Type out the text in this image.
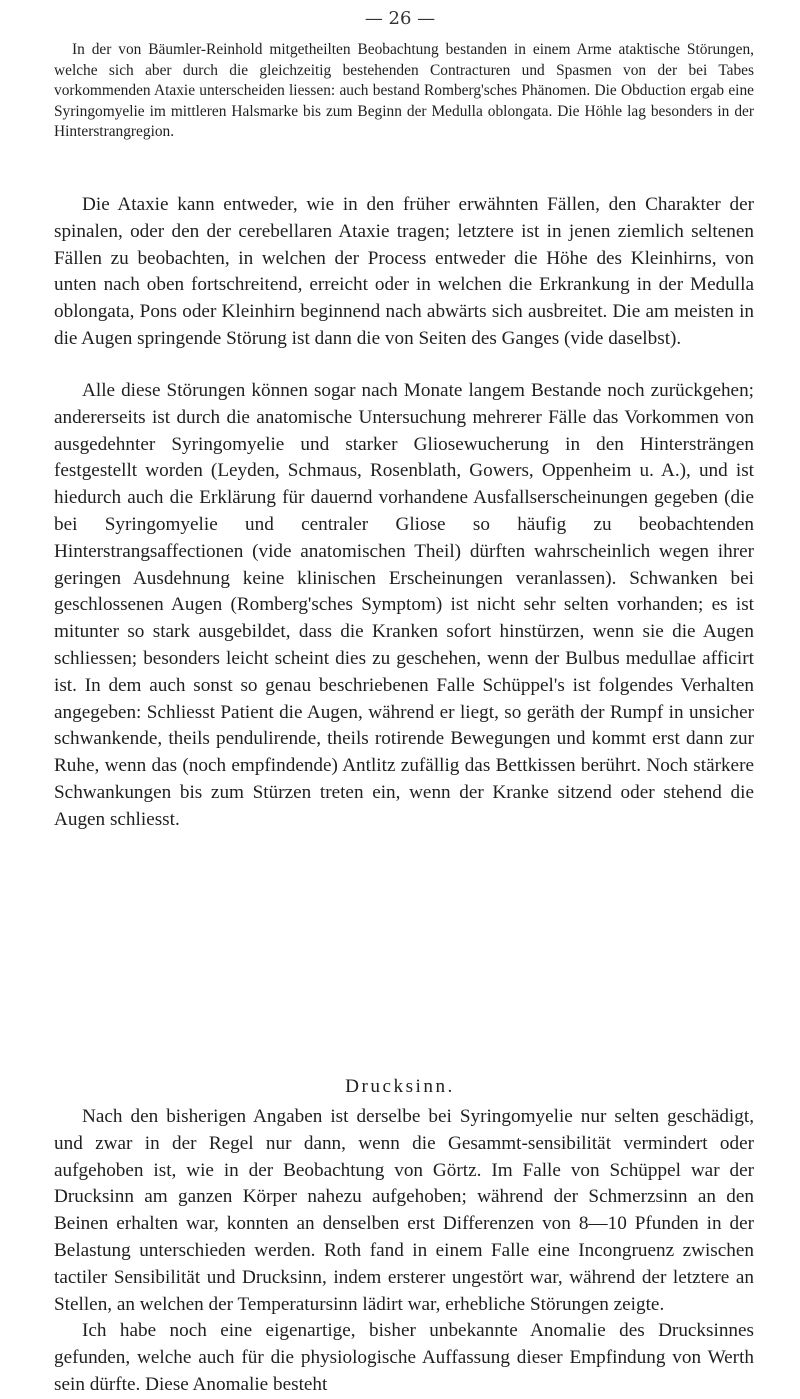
— 26 —
In der von Bäumler-Reinhold mitgetheilten Beobachtung bestanden in einem Arme ataktische Störungen, welche sich aber durch die gleichzeitig bestehenden Contracturen und Spasmen von der bei Tabes vorkommenden Ataxie unterscheiden liessen: auch bestand Romberg'sches Phänomen. Die Obduction ergab eine Syringomyelie im mittleren Halsmarke bis zum Beginn der Medulla oblongata. Die Höhle lag besonders in der Hinterstrangregion.

Die Ataxie kann entweder, wie in den früher erwähnten Fällen, den Charakter der spinalen, oder den der cerebellaren Ataxie tragen; letztere ist in jenen ziemlich seltenen Fällen zu beobachten, in welchen der Process entweder die Höhe des Kleinhirns, von unten nach oben fortschreitend, erreicht oder in welchen die Erkrankung in der Medulla oblongata, Pons oder Kleinhirn beginnend nach abwärts sich ausbreitet. Die am meisten in die Augen springende Störung ist dann die von Seiten des Ganges (vide daselbst).

Alle diese Störungen können sogar nach Monate langem Bestande noch zurückgehen; andererseits ist durch die anatomische Untersuchung mehrerer Fälle das Vorkommen von ausgedehnter Syringomyelie und starker Gliosewucherung in den Hintersträngen festgestellt worden (Leyden, Schmaus, Rosenblath, Gowers, Oppenheim u. A.), und ist hiedurch auch die Erklärung für dauernd vorhandene Ausfallserscheinungen gegeben (die bei Syringomyelie und centraler Gliose so häufig zu beobachtenden Hinterstrangsaffectionen (vide anatomischen Theil) dürften wahrscheinlich wegen ihrer geringen Ausdehnung keine klinischen Erscheinungen veranlassen). Schwanken bei geschlossenen Augen (Romberg'sches Symptom) ist nicht sehr selten vorhanden; es ist mitunter so stark ausgebildet, dass die Kranken sofort hinstürzen, wenn sie die Augen schliessen; besonders leicht scheint dies zu geschehen, wenn der Bulbus medullae afficirt ist. In dem auch sonst so genau beschriebenen Falle Schüppel's ist folgendes Verhalten angegeben: Schliesst Patient die Augen, während er liegt, so geräth der Rumpf in unsicher schwankende, theils pendulirende, theils rotirende Bewegungen und kommt erst dann zur Ruhe, wenn das (noch empfindende) Antlitz zufällig das Bettkissen berührt. Noch stärkere Schwankungen bis zum Stürzen treten ein, wenn der Kranke sitzend oder stehend die Augen schliesst.

Drucksinn.

Nach den bisherigen Angaben ist derselbe bei Syringomyelie nur selten geschädigt, und zwar in der Regel nur dann, wenn die Gesammt-sensibilität vermindert oder aufgehoben ist, wie in der Beobachtung von Görtz. Im Falle von Schüppel war der Drucksinn am ganzen Körper nahezu aufgehoben; während der Schmerzsinn an den Beinen erhalten war, konnten an denselben erst Differenzen von 8—10 Pfunden in der Belastung unterschieden werden. Roth fand in einem Falle eine Incongruenz zwischen tactiler Sensibilität und Drucksinn, indem ersterer ungestört war, während der letztere an Stellen, an welchen der Temperatursinn lädirt war, erhebliche Störungen zeigte.

Ich habe noch eine eigenartige, bisher unbekannte Anomalie des Drucksinnes gefunden, welche auch für die physiologische Auffassung dieser Empfindung von Werth sein dürfte. Diese Anomalie besteht
